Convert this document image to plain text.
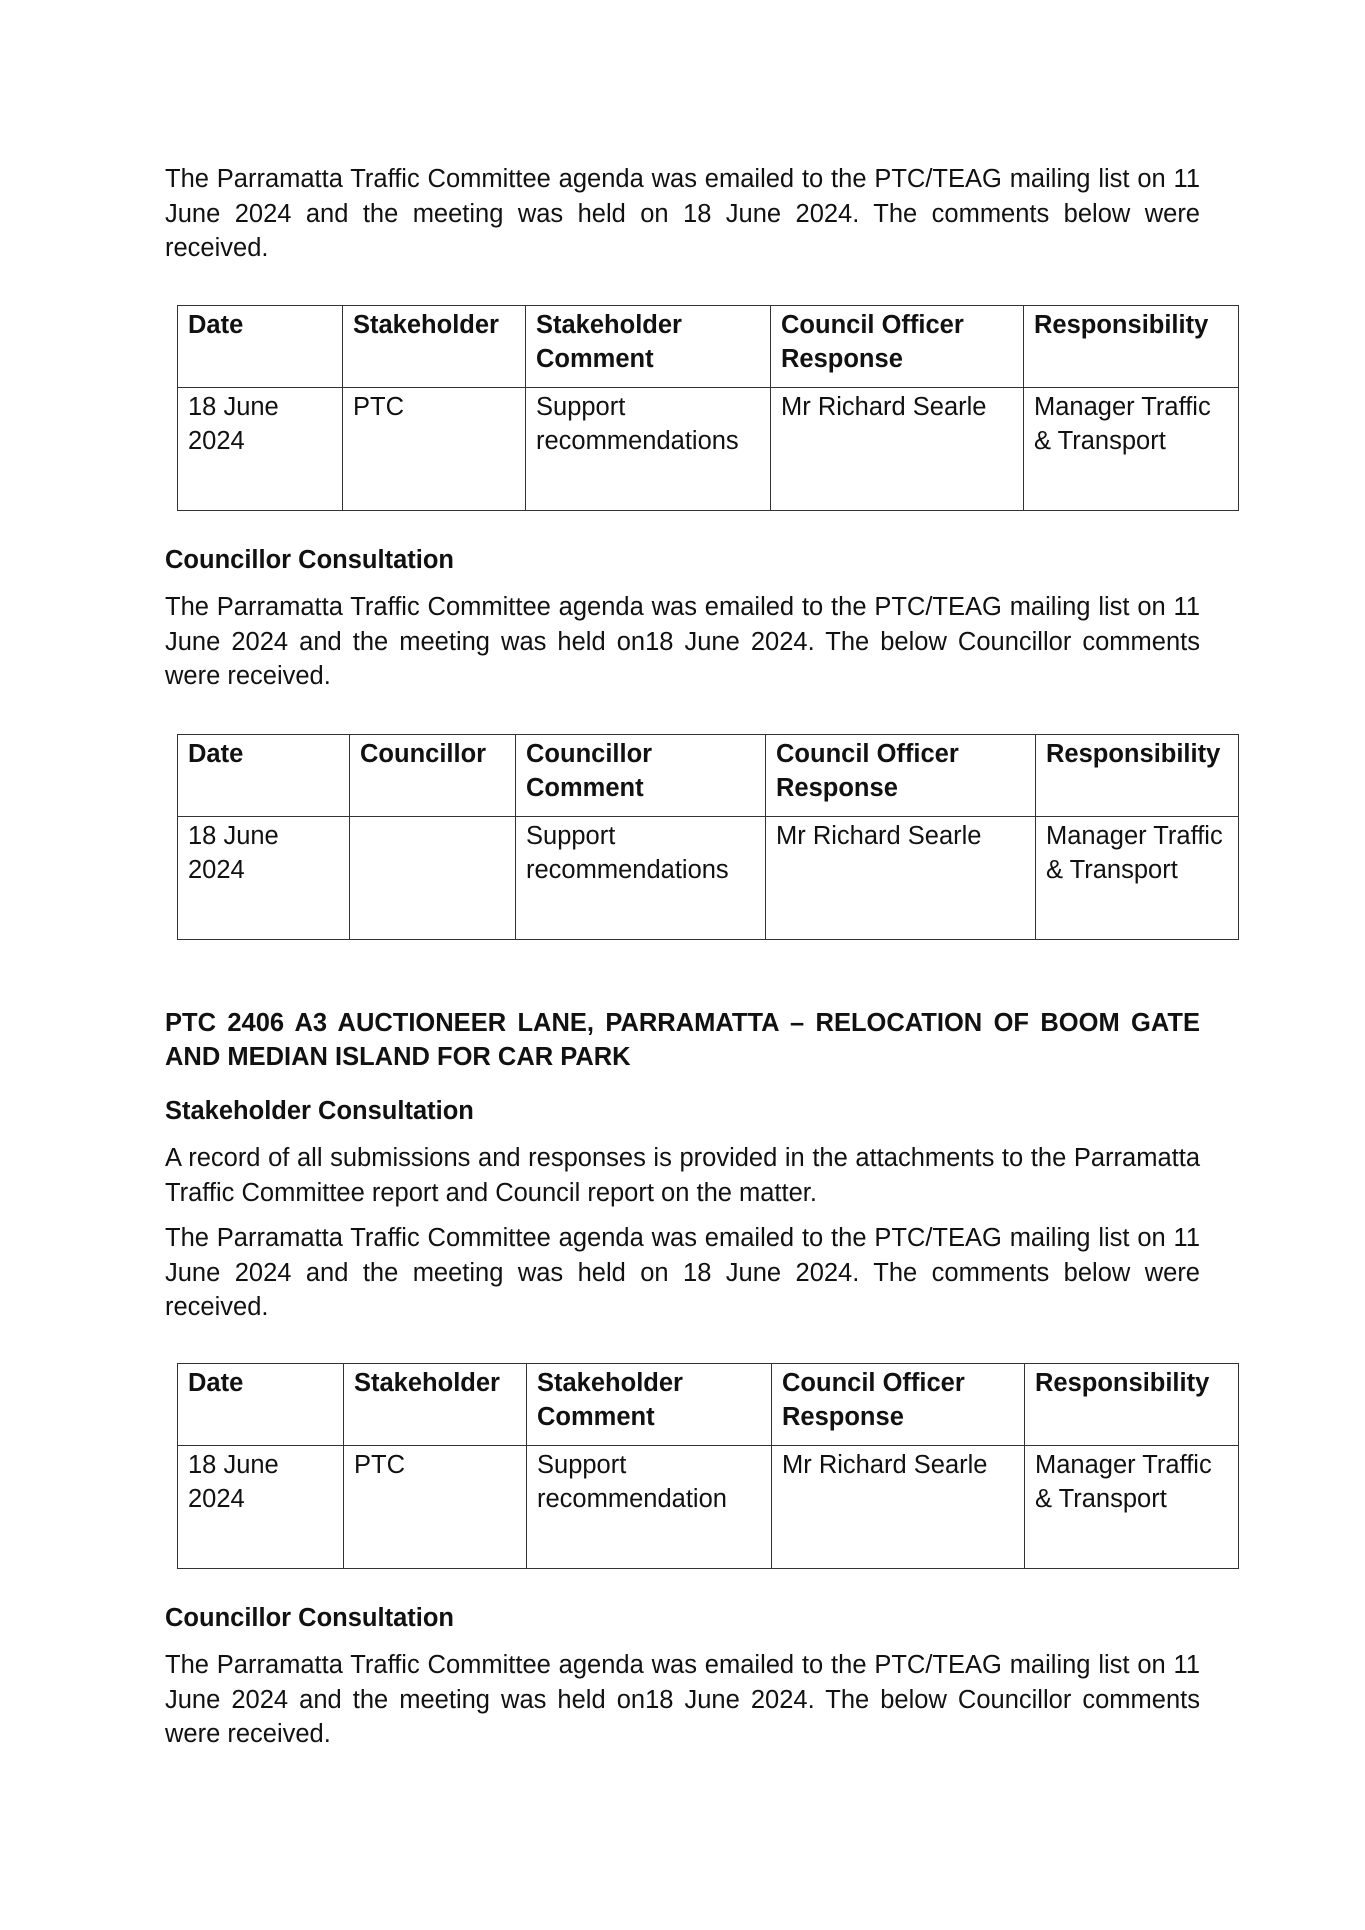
The Parramatta Traffic Committee agenda was emailed to the PTC/TEAG mailing list on 11 June 2024 and the meeting was held on 18 June 2024. The comments below were received.

Date	Stakeholder	Stakeholder Comment	Council Officer Response	Responsibility
18 June 2024	PTC	Support recommendations	Mr Richard Searle	Manager Traffic & Transport
Councillor Consultation

The Parramatta Traffic Committee agenda was emailed to the PTC/TEAG mailing list on 11 June 2024 and the meeting was held on18 June 2024. The below Councillor comments were received.

Date	Councillor	Councillor Comment	Council Officer Response	Responsibility
18 June 2024		Support recommendations	Mr Richard Searle	Manager Traffic & Transport
PTC 2406 A3 AUCTIONEER LANE, PARRAMATTA – RELOCATION OF BOOM GATE AND MEDIAN ISLAND FOR CAR PARK
Stakeholder Consultation

A record of all submissions and responses is provided in the attachments to the Parramatta Traffic Committee report and Council report on the matter.

The Parramatta Traffic Committee agenda was emailed to the PTC/TEAG mailing list on 11 June 2024 and the meeting was held on 18 June 2024. The comments below were received.

Date	Stakeholder	Stakeholder Comment	Council Officer Response	Responsibility
18 June 2024	PTC	Support recommendation	Mr Richard Searle	Manager Traffic & Transport
Councillor Consultation

The Parramatta Traffic Committee agenda was emailed to the PTC/TEAG mailing list on 11 June 2024 and the meeting was held on18 June 2024. The below Councillor comments were received.
